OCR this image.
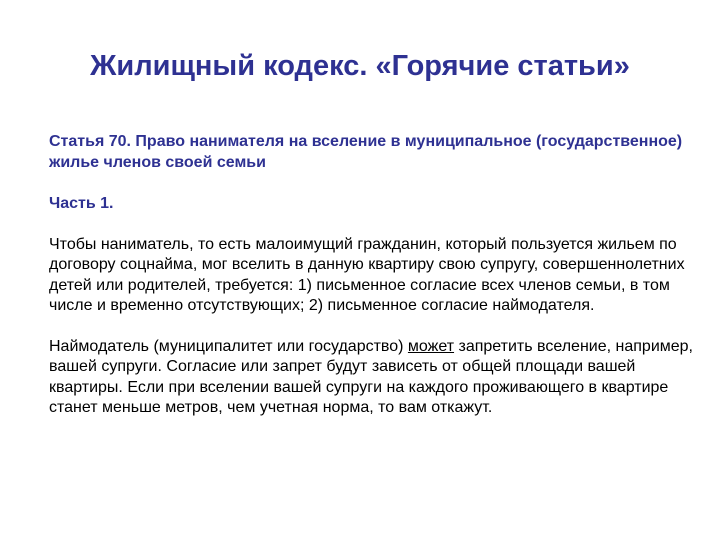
Жилищный кодекс. «Горячие статьи»
Статья 70. Право нанимателя на вселение в муниципальное (государственное) жилье членов своей семьи
Часть 1.
Чтобы наниматель, то есть малоимущий гражданин, который пользуется жильем по договору соцнайма, мог вселить в данную квартиру свою супругу, совершеннолетних детей или родителей, требуется: 1) письменное согласие всех членов семьи, в том числе и временно отсутствующих; 2) письменное согласие наймодателя.
Наймодатель (муниципалитет или государство) может запретить вселение, например, вашей супруги. Согласие или запрет будут зависеть от общей площади вашей квартиры. Если при вселении вашей супруги на каждого проживающего в квартире станет меньше метров, чем учетная норма, то вам откажут.
